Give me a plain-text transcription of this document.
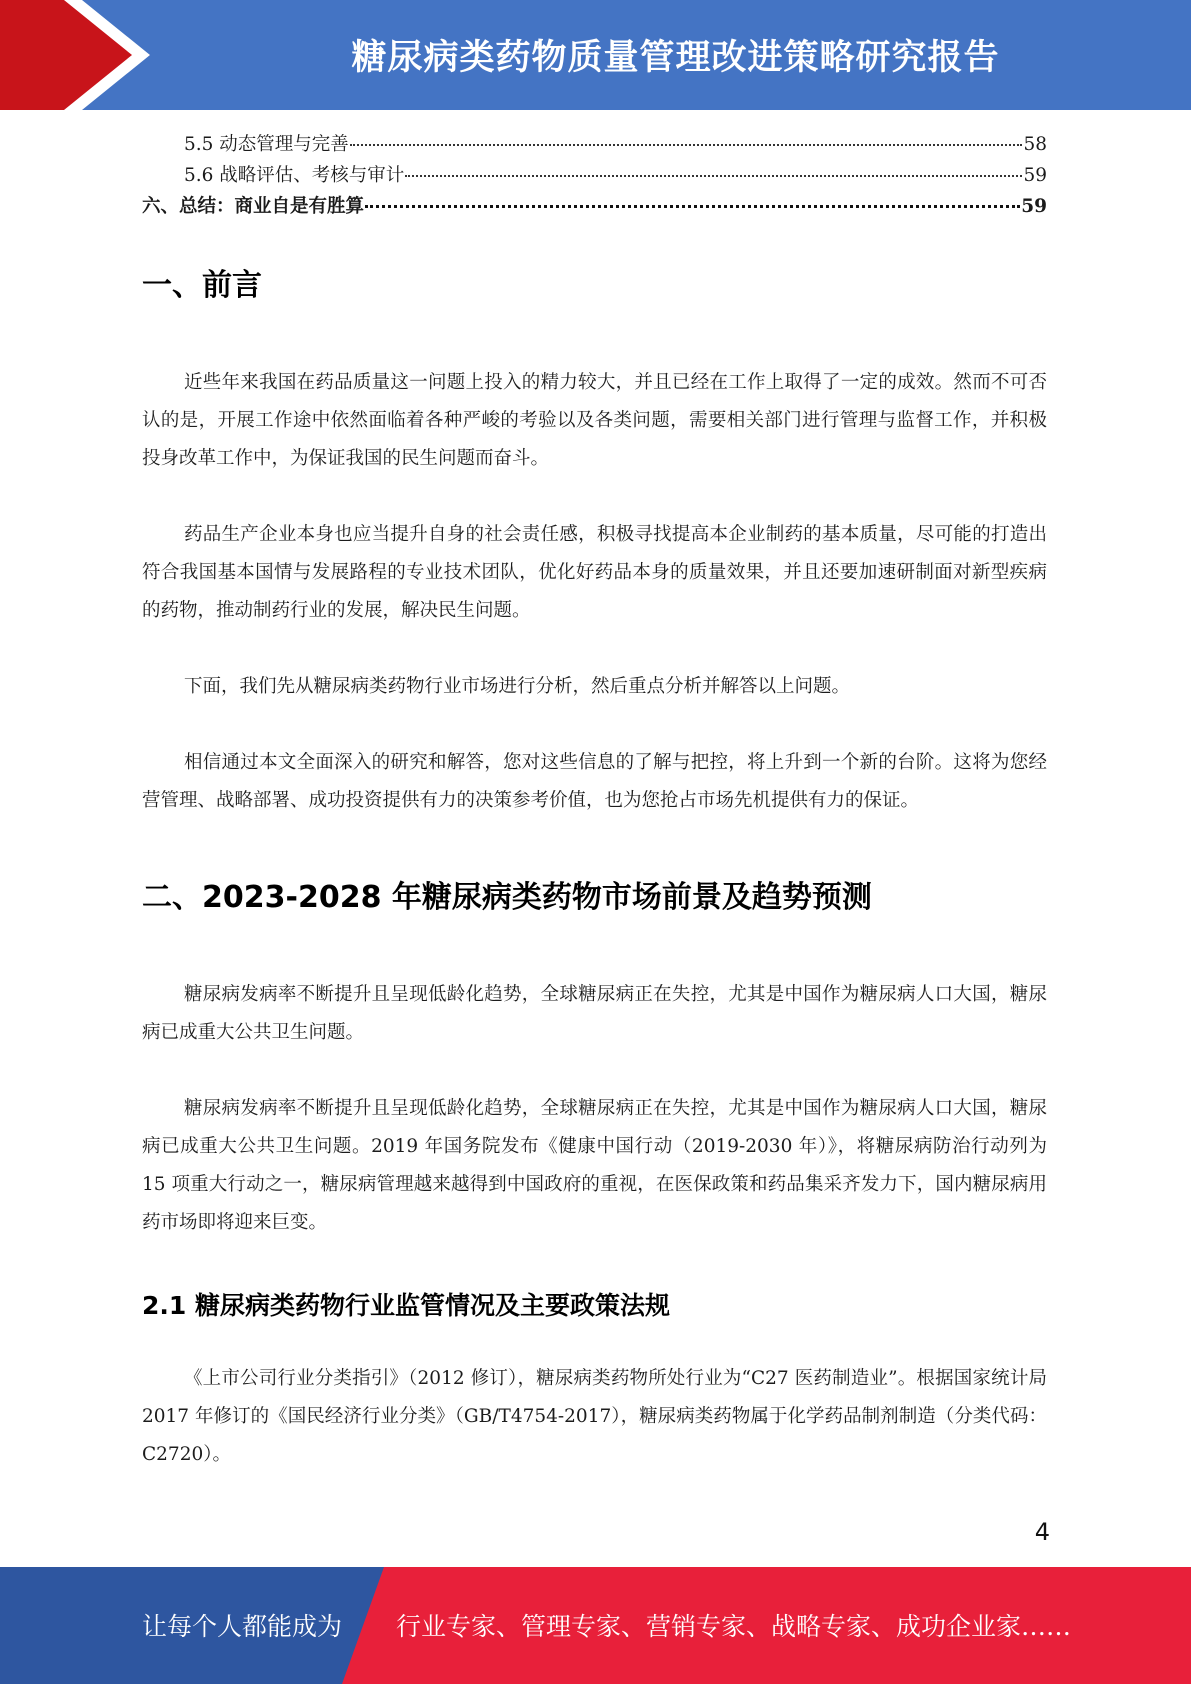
糖尿病类药物质量管理改进策略研究报告
5.5 动态管理与完善	58
5.6 战略评估、考核与审计	59
六、总结：商业自是有胜算	59
一、前言

近些年来我国在药品质量这一问题上投入的精力较大，并且已经在工作上取得了一定的成效。然而不可否认的是，开展工作途中依然面临着各种严峻的考验以及各类问题，需要相关部门进行管理与监督工作，并积极投身改革工作中，为保证我国的民生问题而奋斗。

药品生产企业本身也应当提升自身的社会责任感，积极寻找提高本企业制药的基本质量，尽可能的打造出符合我国基本国情与发展路程的专业技术团队，优化好药品本身的质量效果，并且还要加速研制面对新型疾病的药物，推动制药行业的发展，解决民生问题。

下面，我们先从糖尿病类药物行业市场进行分析，然后重点分析并解答以上问题。

相信通过本文全面深入的研究和解答，您对这些信息的了解与把控，将上升到一个新的台阶。这将为您经营管理、战略部署、成功投资提供有力的决策参考价值，也为您抢占市场先机提供有力的保证。

二、2023-2028 年糖尿病类药物市场前景及趋势预测

糖尿病发病率不断提升且呈现低龄化趋势，全球糖尿病正在失控，尤其是中国作为糖尿病人口大国，糖尿病已成重大公共卫生问题。

糖尿病发病率不断提升且呈现低龄化趋势，全球糖尿病正在失控，尤其是中国作为糖尿病人口大国，糖尿病已成重大公共卫生问题。2019 年国务院发布《健康中国行动（2019-2030 年）》，将糖尿病防治行动列为 15 项重大行动之一，糖尿病管理越来越得到中国政府的重视，在医保政策和药品集采齐发力下，国内糖尿病用药市场即将迎来巨变。

2.1 糖尿病类药物行业监管情况及主要政策法规

《上市公司行业分类指引》（2012 修订），糖尿病类药物所处行业为“C27 医药制造业”。根据国家统计局 2017 年修订的《国民经济行业分类》（GB/T4754-2017），糖尿病类药物属于化学药品制剂制造（分类代码：C2720）。

4
让每个人都能成为 行业专家、管理专家、营销专家、战略专家、成功企业家……
